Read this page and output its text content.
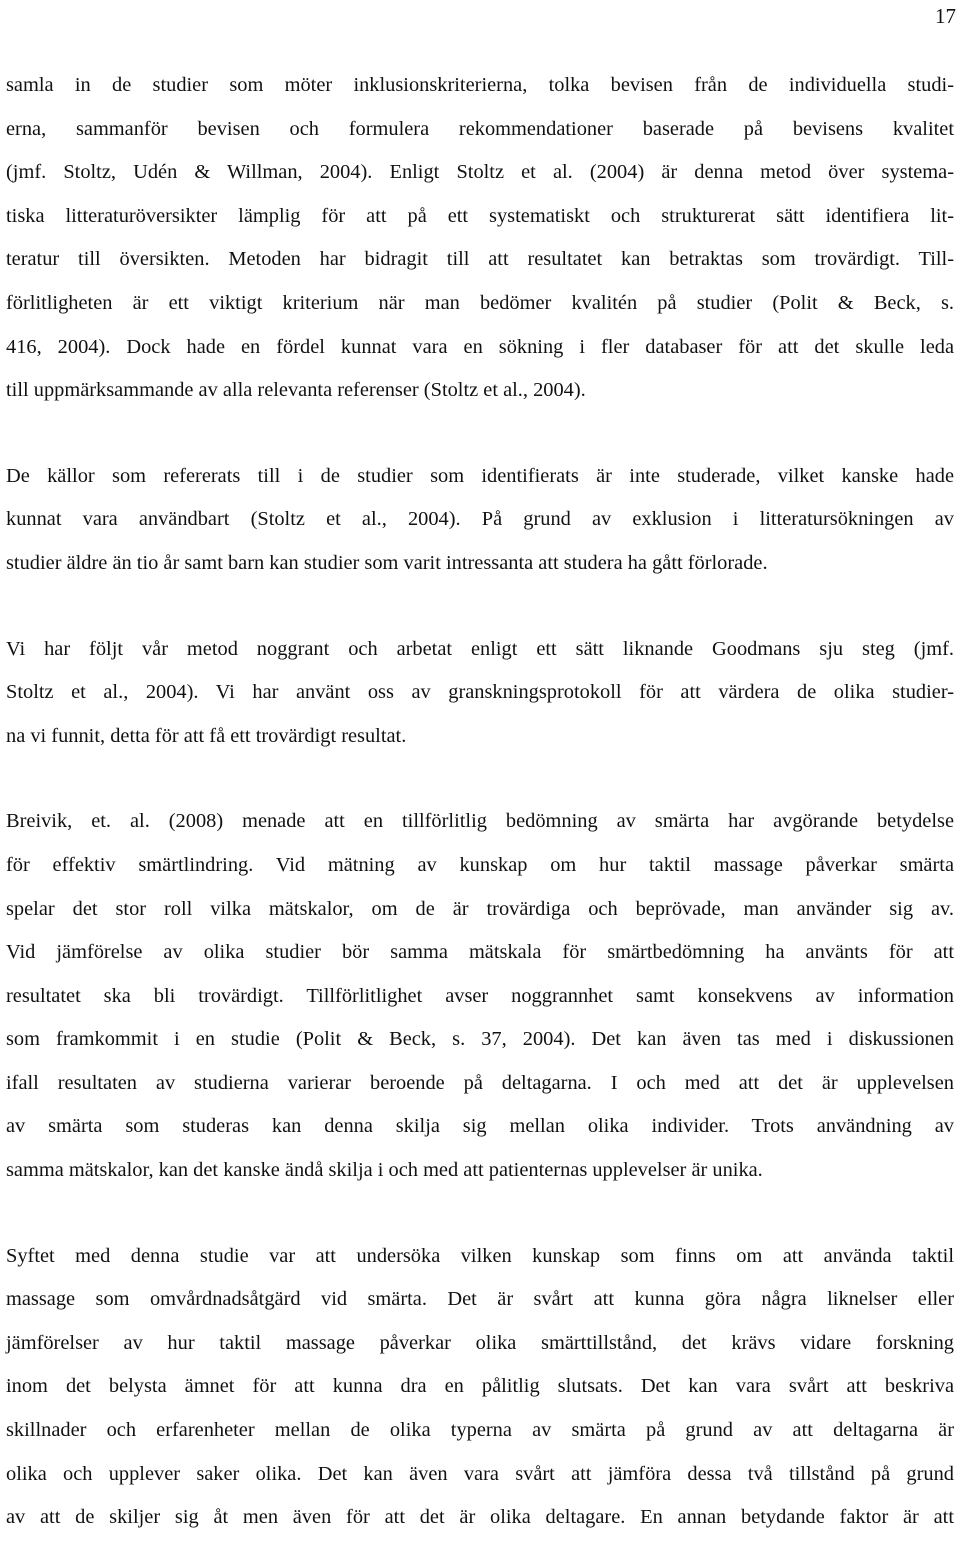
17

samla in de studier som möter inklusionskriterierna, tolka bevisen från de individuella studi-
erna, sammanför bevisen och formulera rekommendationer baserade på bevisens kvalitet
(jmf. Stoltz, Udén & Willman, 2004). Enligt Stoltz et al. (2004) är denna metod över systema-
tiska litteraturöversikter lämplig för att på ett systematiskt och strukturerat sätt identifiera lit-
teratur till översikten. Metoden har bidragit till att resultatet kan betraktas som trovärdigt. Till-
förlitligheten är ett viktigt kriterium när man bedömer kvalitén på studier (Polit & Beck, s.
416, 2004). Dock hade en fördel kunnat vara en sökning i fler databaser för att det skulle leda
till uppmärksammande av alla relevanta referenser (Stoltz et al., 2004).

De källor som refererats till i de studier som identifierats är inte studerade, vilket kanske hade
kunnat vara användbart (Stoltz et al., 2004). På grund av exklusion i litteratursökningen av
studier äldre än tio år samt barn kan studier som varit intressanta att studera ha gått förlorade.

Vi har följt vår metod noggrant och arbetat enligt ett sätt liknande Goodmans sju steg (jmf.
Stoltz et al., 2004). Vi har använt oss av granskningsprotokoll för att värdera de olika studier-
na vi funnit, detta för att få ett trovärdigt resultat.

Breivik, et. al. (2008) menade att en tillförlitlig bedömning av smärta har avgörande betydelse
för effektiv smärtlindring. Vid mätning av kunskap om hur taktil massage påverkar smärta
spelar det stor roll vilka mätskalor, om de är trovärdiga och beprövade, man använder sig av.
Vid jämförelse av olika studier bör samma mätskala för smärtbedömning ha använts för att
resultatet ska bli trovärdigt. Tillförlitlighet avser noggrannhet samt konsekvens av information
som framkommit i en studie (Polit & Beck, s. 37, 2004). Det kan även tas med i diskussionen
ifall resultaten av studierna varierar beroende på deltagarna. I och med att det är upplevelsen
av smärta som studeras kan denna skilja sig mellan olika individer. Trots användning av
samma mätskalor, kan det kanske ändå skilja i och med att patienternas upplevelser är unika.

Syftet med denna studie var att undersöka vilken kunskap som finns om att använda taktil
massage som omvårdnadsåtgärd vid smärta. Det är svårt att kunna göra några liknelser eller
jämförelser av hur taktil massage påverkar olika smärttillstånd, det krävs vidare forskning
inom det belysta ämnet för att kunna dra en pålitlig slutsats. Det kan vara svårt att beskriva
skillnader och erfarenheter mellan de olika typerna av smärta på grund av att deltagarna är
olika och upplever saker olika. Det kan även vara svårt att jämföra dessa två tillstånd på grund
av att de skiljer sig åt men även för att det är olika deltagare. En annan betydande faktor är att
